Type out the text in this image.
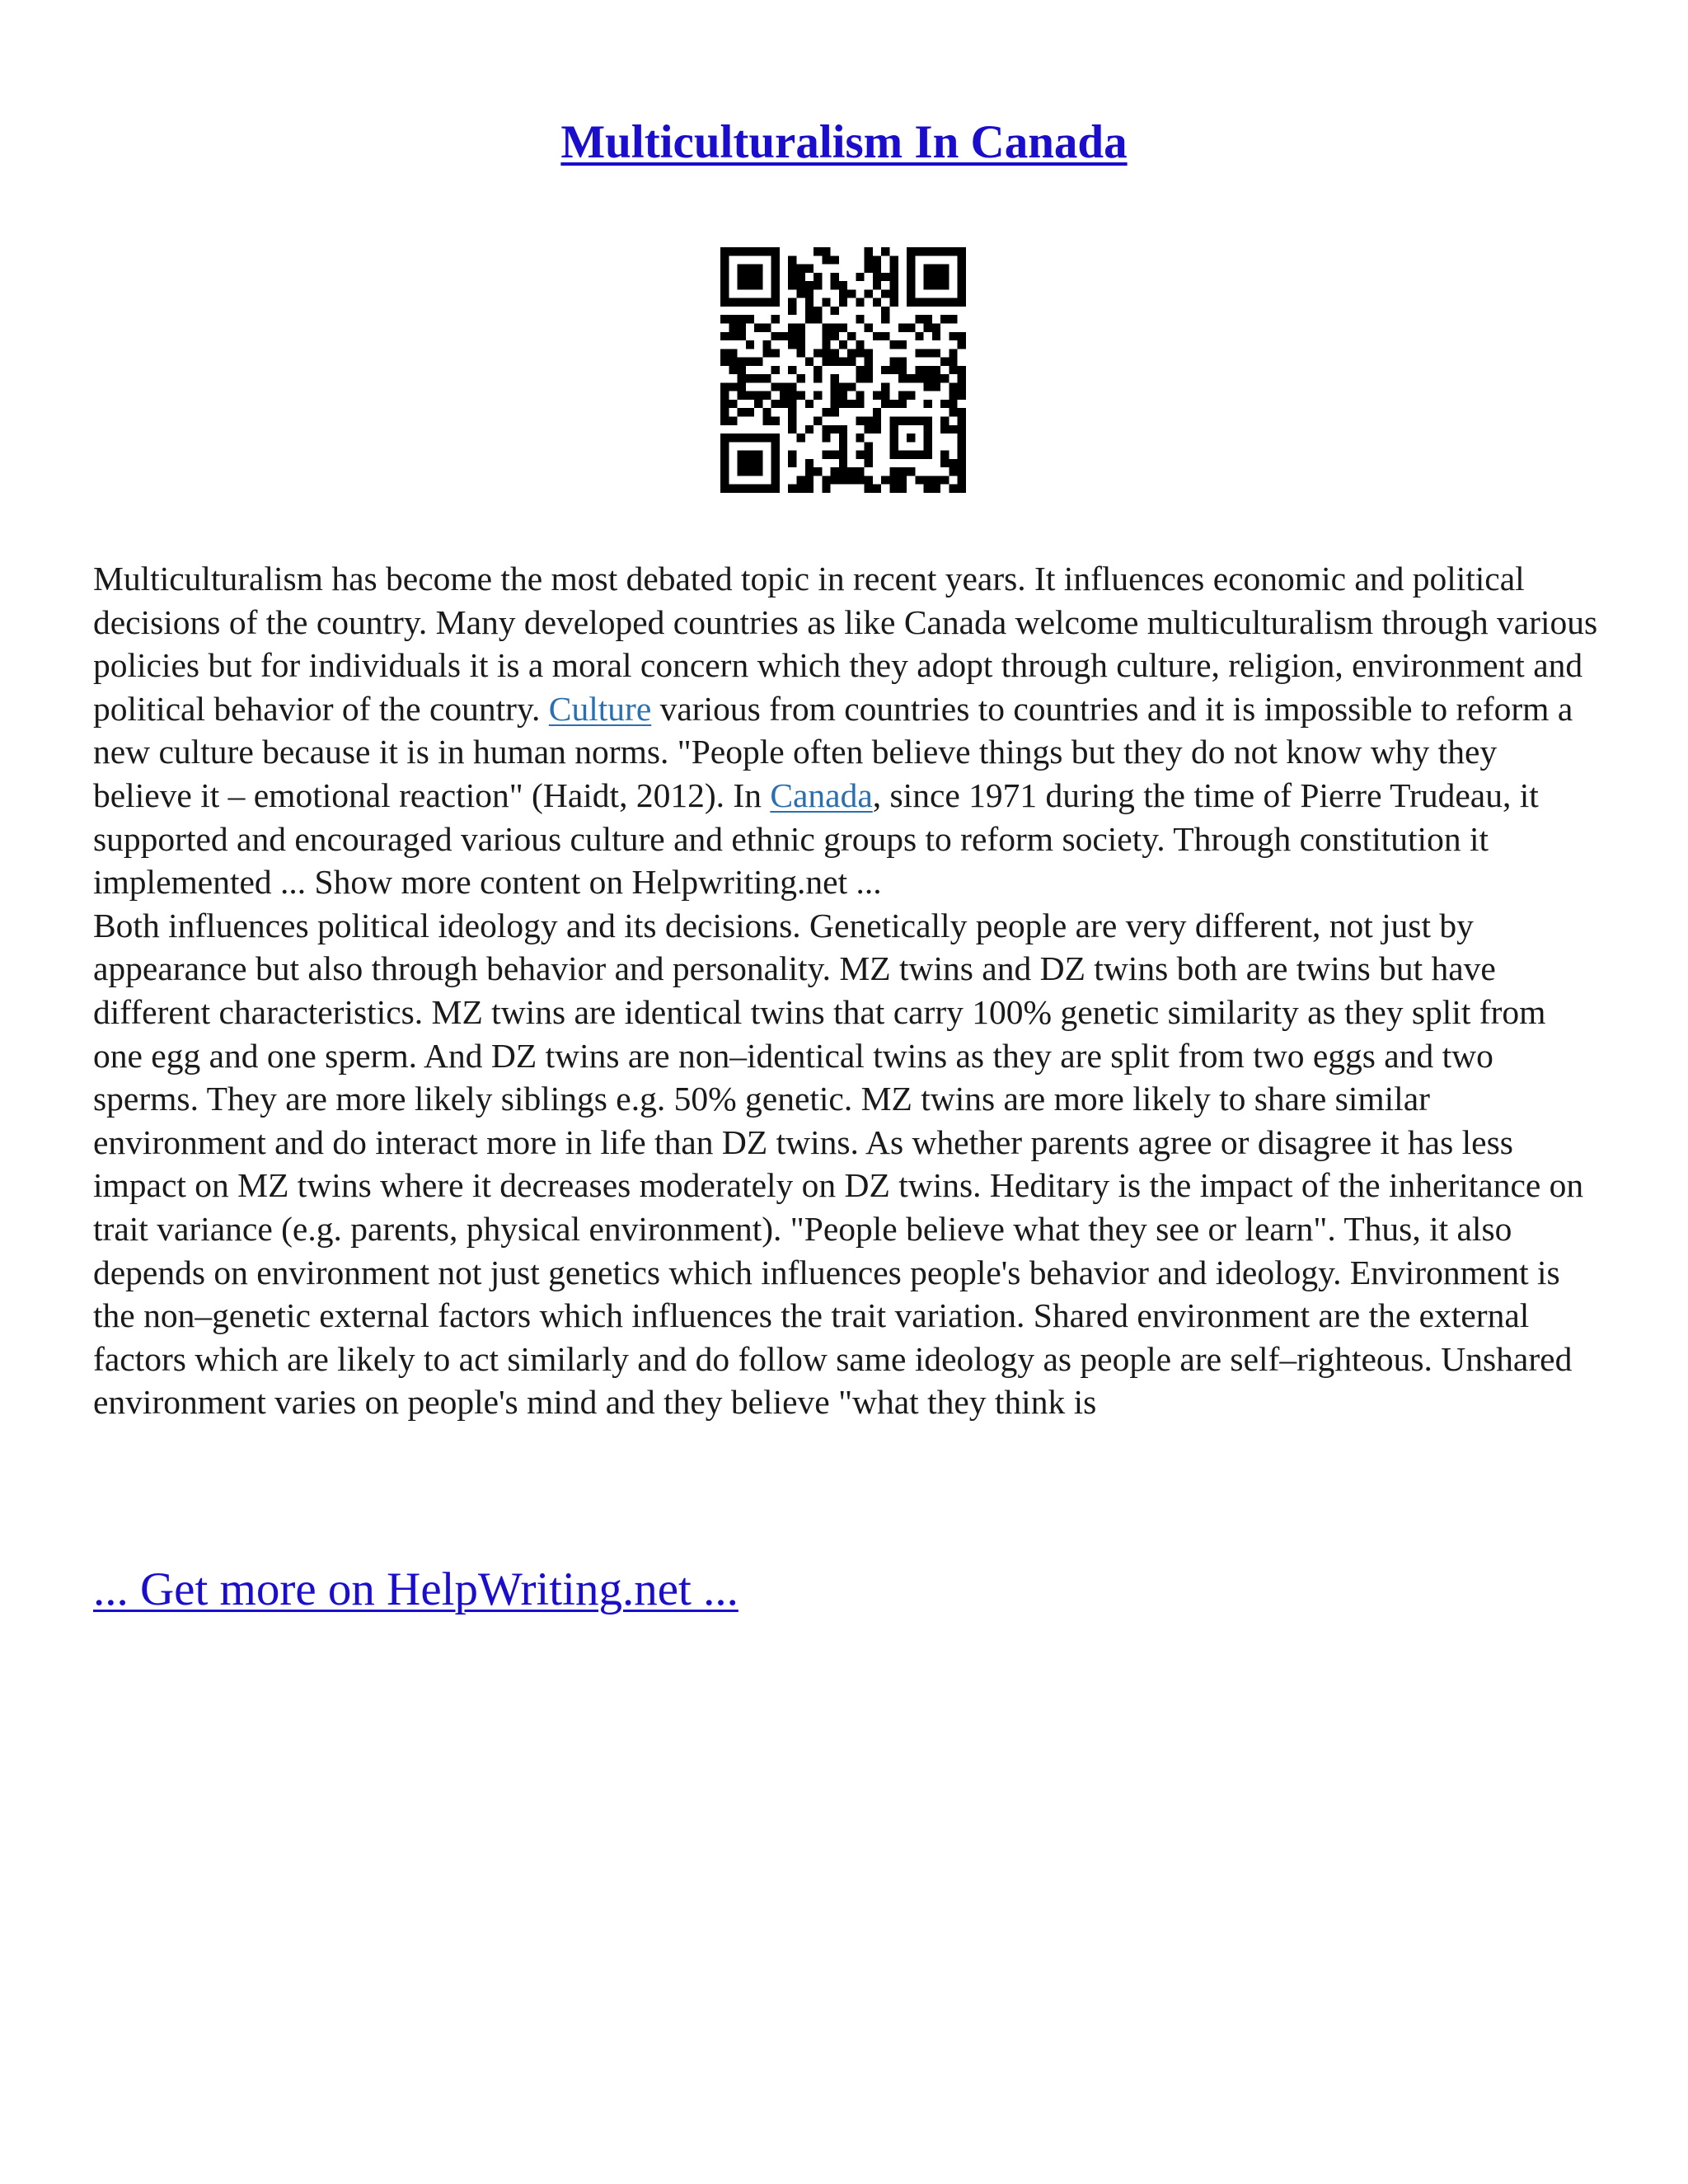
Multiculturalism In Canada

Multiculturalism has become the most debated topic in recent years. It influences economic and political decisions of the country. Many developed countries as like Canada welcome multiculturalism through various policies but for individuals it is a moral concern which they adopt through culture, religion, environment and political behavior of the country. Culture various from countries to countries and it is impossible to reform a new culture because it is in human norms. "People often believe things but they do not know why they believe it – emotional reaction" (Haidt, 2012). In Canada, since 1971 during the time of Pierre Trudeau, it supported and encouraged various culture and ethnic groups to reform society. Through constitution it implemented ... Show more content on Helpwriting.net ...

Both influences political ideology and its decisions. Genetically people are very different, not just by appearance but also through behavior and personality. MZ twins and DZ twins both are twins but have different characteristics. MZ twins are identical twins that carry 100% genetic similarity as they split from one egg and one sperm. And DZ twins are non–identical twins as they are split from two eggs and two sperms. They are more likely siblings e.g. 50% genetic. MZ twins are more likely to share similar environment and do interact more in life than DZ twins. As whether parents agree or disagree it has less impact on MZ twins where it decreases moderately on DZ twins. Heditary is the impact of the inheritance on trait variance (e.g. parents, physical environment). "People believe what they see or learn". Thus, it also depends on environment not just genetics which influences people's behavior and ideology. Environment is the non–genetic external factors which influences the trait variation. Shared environment are the external factors which are likely to act similarly and do follow same ideology as people are self–righteous. Unshared environment varies on people's mind and they believe "what they think is

... Get more on HelpWriting.net ...
